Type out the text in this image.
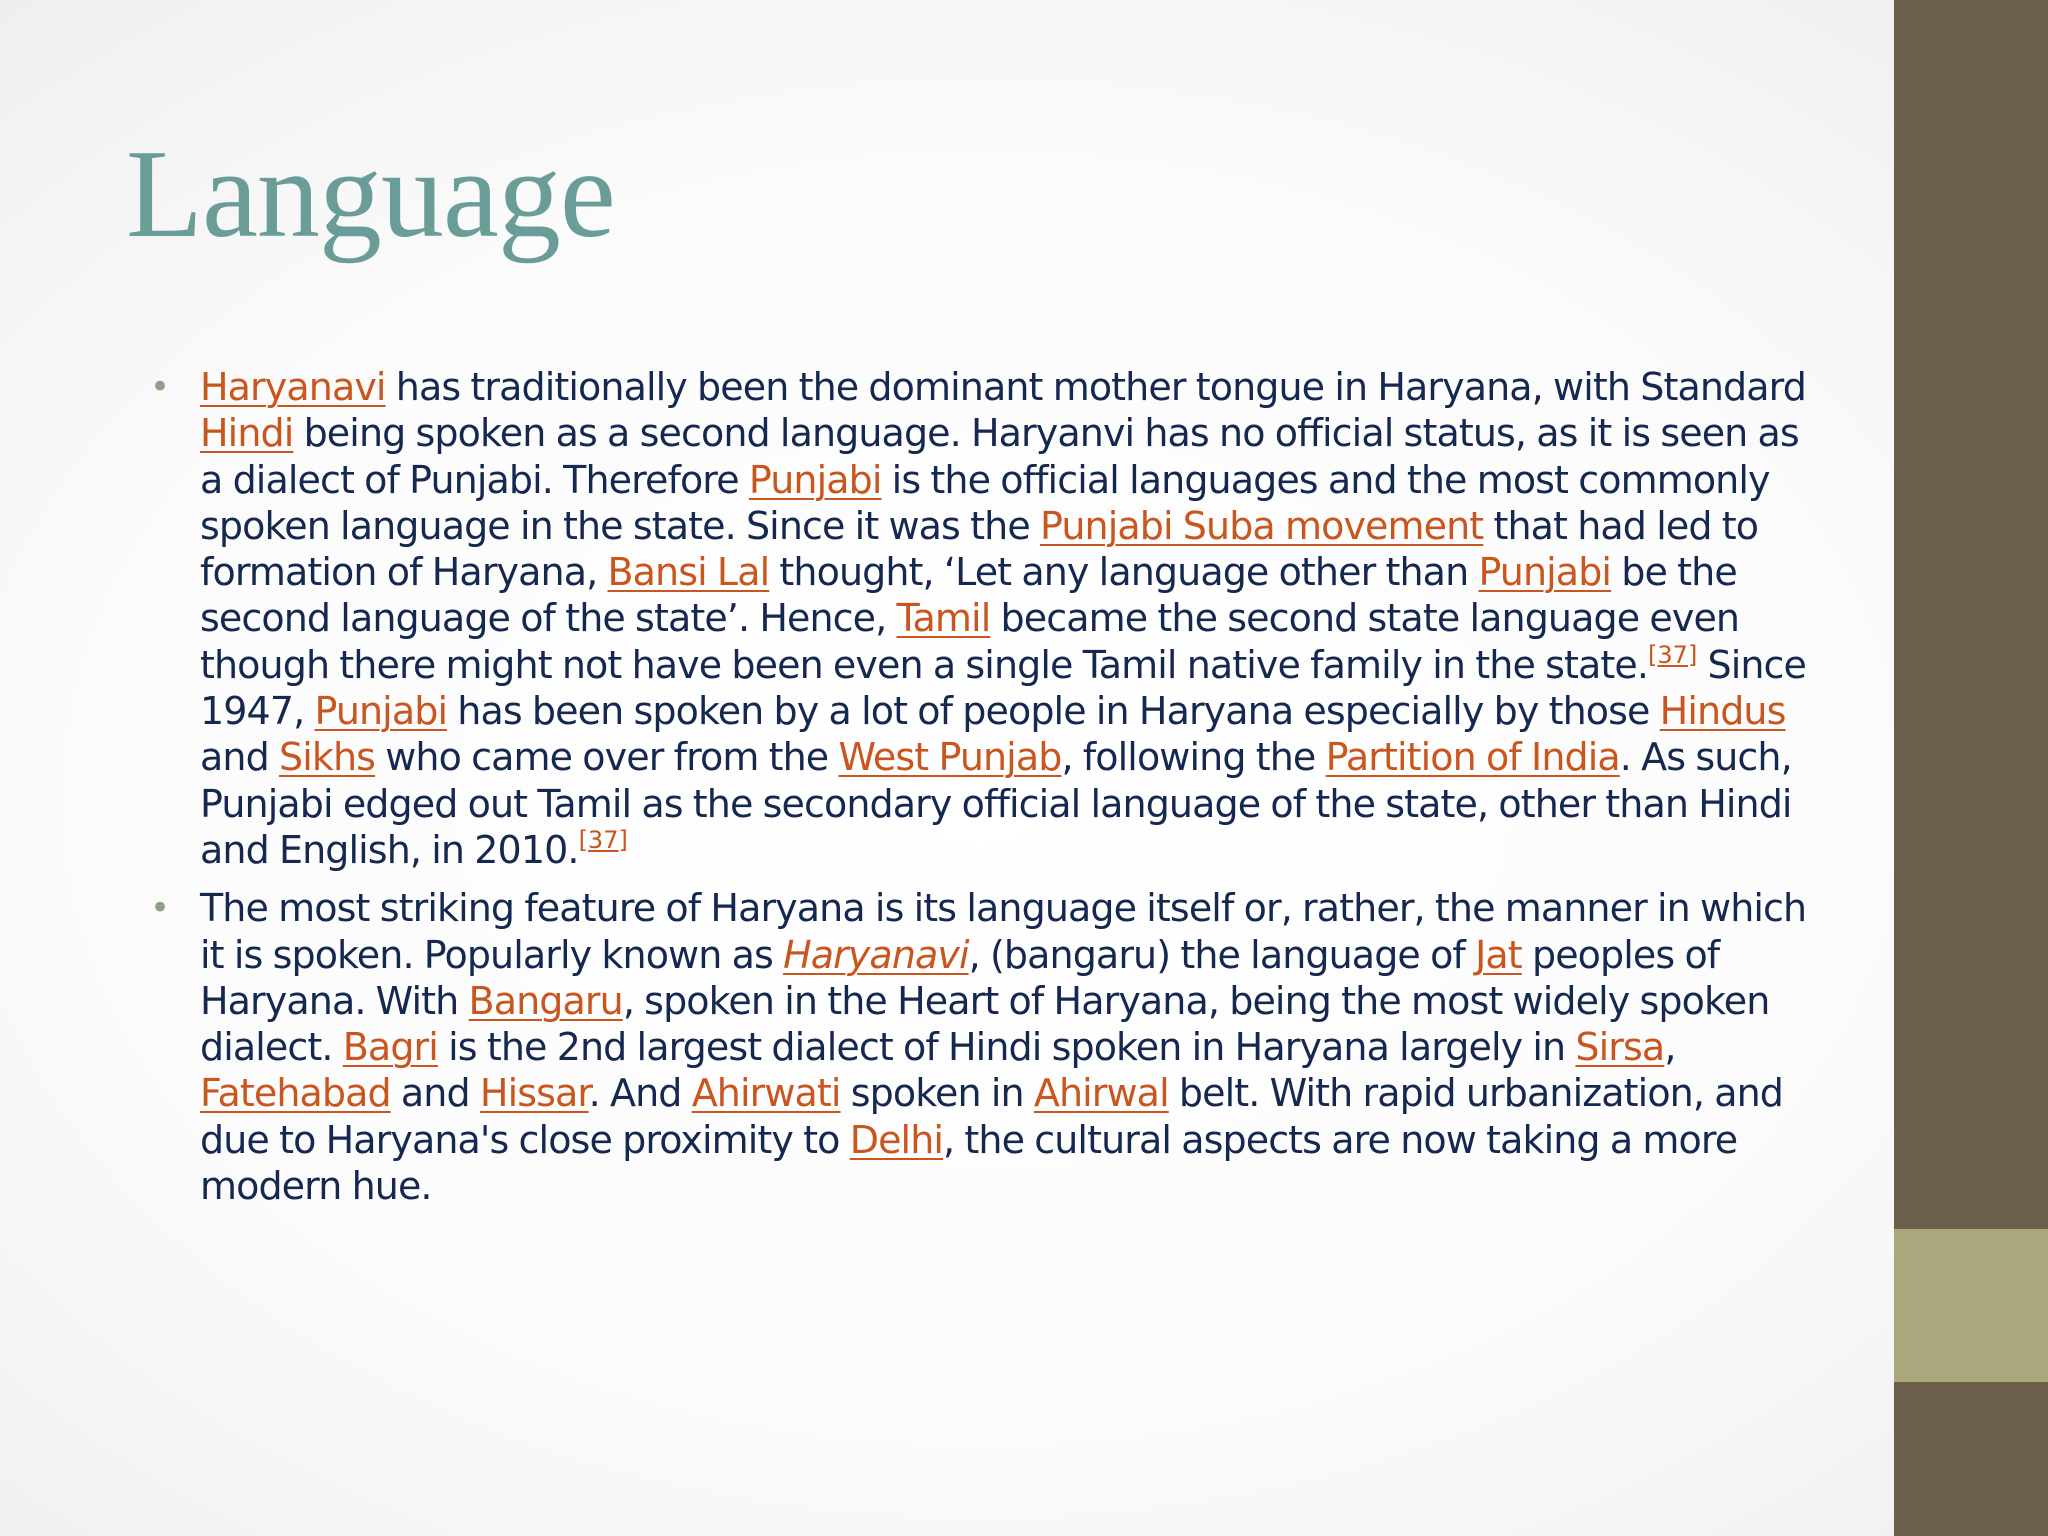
Language
• Haryanavi has traditionally been the dominant mother tongue in Haryana, with Standard Hindi being spoken as a second language. Haryanvi has no official status, as it is seen as a dialect of Punjabi. Therefore Punjabi is the official languages and the most commonly spoken language in the state. Since it was the Punjabi Suba movement that had led to formation of Haryana, Bansi Lal thought, ‘Let any language other than Punjabi be the second language of the state’. Hence, Tamil became the second state language even though there might not have been even a single Tamil native family in the state.[37] Since 1947, Punjabi has been spoken by a lot of people in Haryana especially by those Hindus and Sikhs who came over from the West Punjab, following the Partition of India. As such, Punjabi edged out Tamil as the secondary official language of the state, other than Hindi and English, in 2010.[37]
• The most striking feature of Haryana is its language itself or, rather, the manner in which it is spoken. Popularly known as Haryanavi, (bangaru) the language of Jat peoples of Haryana. With Bangaru, spoken in the Heart of Haryana, being the most widely spoken dialect. Bagri is the 2nd largest dialect of Hindi spoken in Haryana largely in Sirsa, Fatehabad and Hissar. And Ahirwati spoken in Ahirwal belt. With rapid urbanization, and due to Haryana's close proximity to Delhi, the cultural aspects are now taking a more modern hue.
